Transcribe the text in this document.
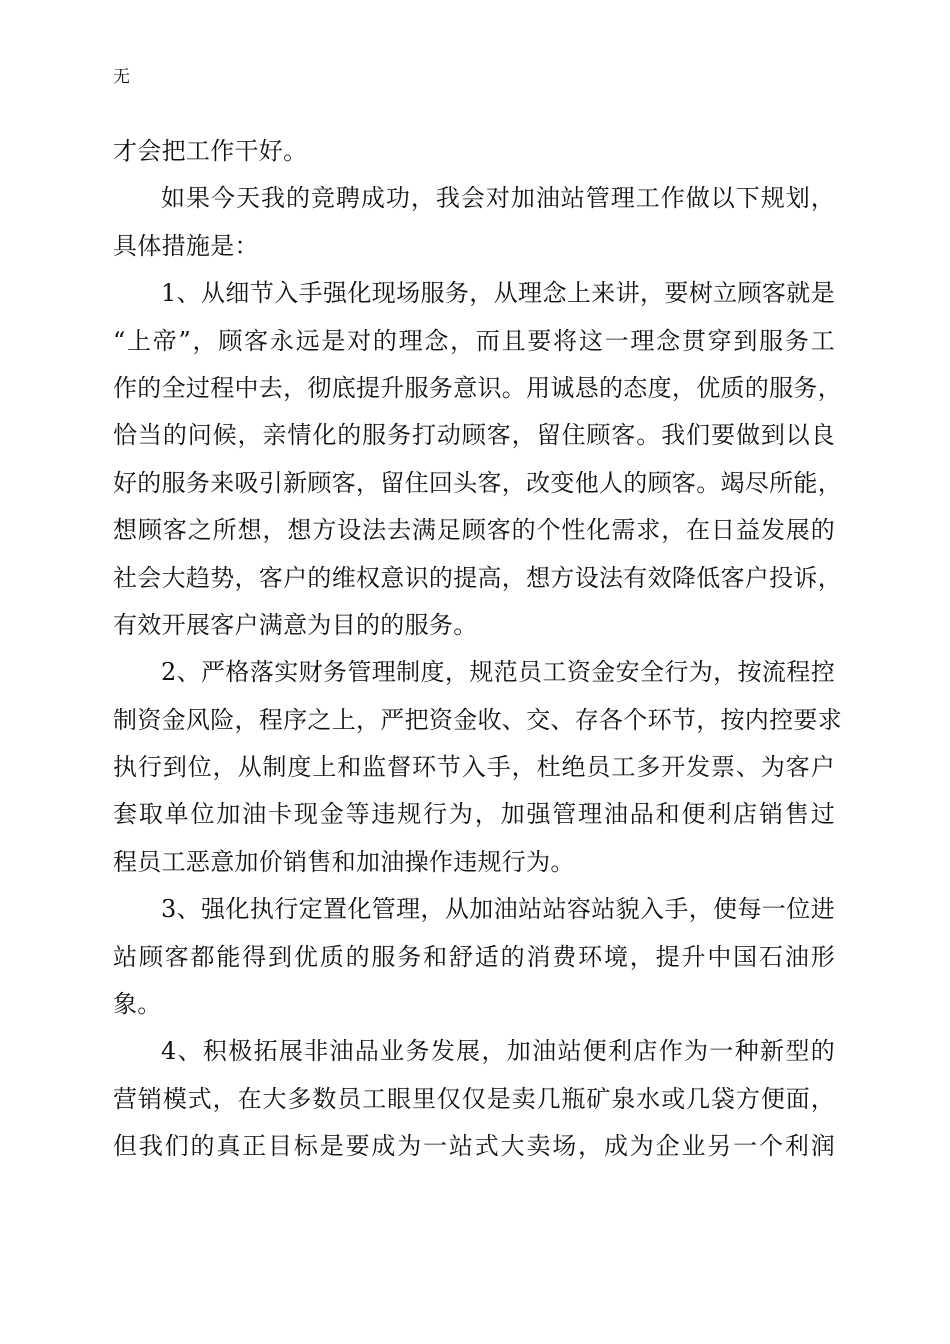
无
才会把工作干好。
如果今天我的竞聘成功，我会对加油站管理工作做以下规划，
具体措施是：
1、从细节入手强化现场服务，从理念上来讲，要树立顾客就是
“上帝”，顾客永远是对的理念，而且要将这一理念贯穿到服务工
作的全过程中去，彻底提升服务意识。用诚恳的态度，优质的服务，
恰当的问候，亲情化的服务打动顾客，留住顾客。我们要做到以良
好的服务来吸引新顾客，留住回头客，改变他人的顾客。竭尽所能，
想顾客之所想，想方设法去满足顾客的个性化需求，在日益发展的
社会大趋势，客户的维权意识的提高，想方设法有效降低客户投诉，
有效开展客户满意为目的的服务。
2、严格落实财务管理制度，规范员工资金安全行为，按流程控
制资金风险，程序之上，严把资金收、交、存各个环节，按内控要求
执行到位，从制度上和监督环节入手，杜绝员工多开发票、为客户
套取单位加油卡现金等违规行为，加强管理油品和便利店销售过
程员工恶意加价销售和加油操作违规行为。
3、强化执行定置化管理，从加油站站容站貌入手，使每一位进
站顾客都能得到优质的服务和舒适的消费环境，提升中国石油形
象。
4、积极拓展非油品业务发展，加油站便利店作为一种新型的
营销模式，在大多数员工眼里仅仅是卖几瓶矿泉水或几袋方便面，
但我们的真正目标是要成为一站式大卖场，成为企业另一个利润
